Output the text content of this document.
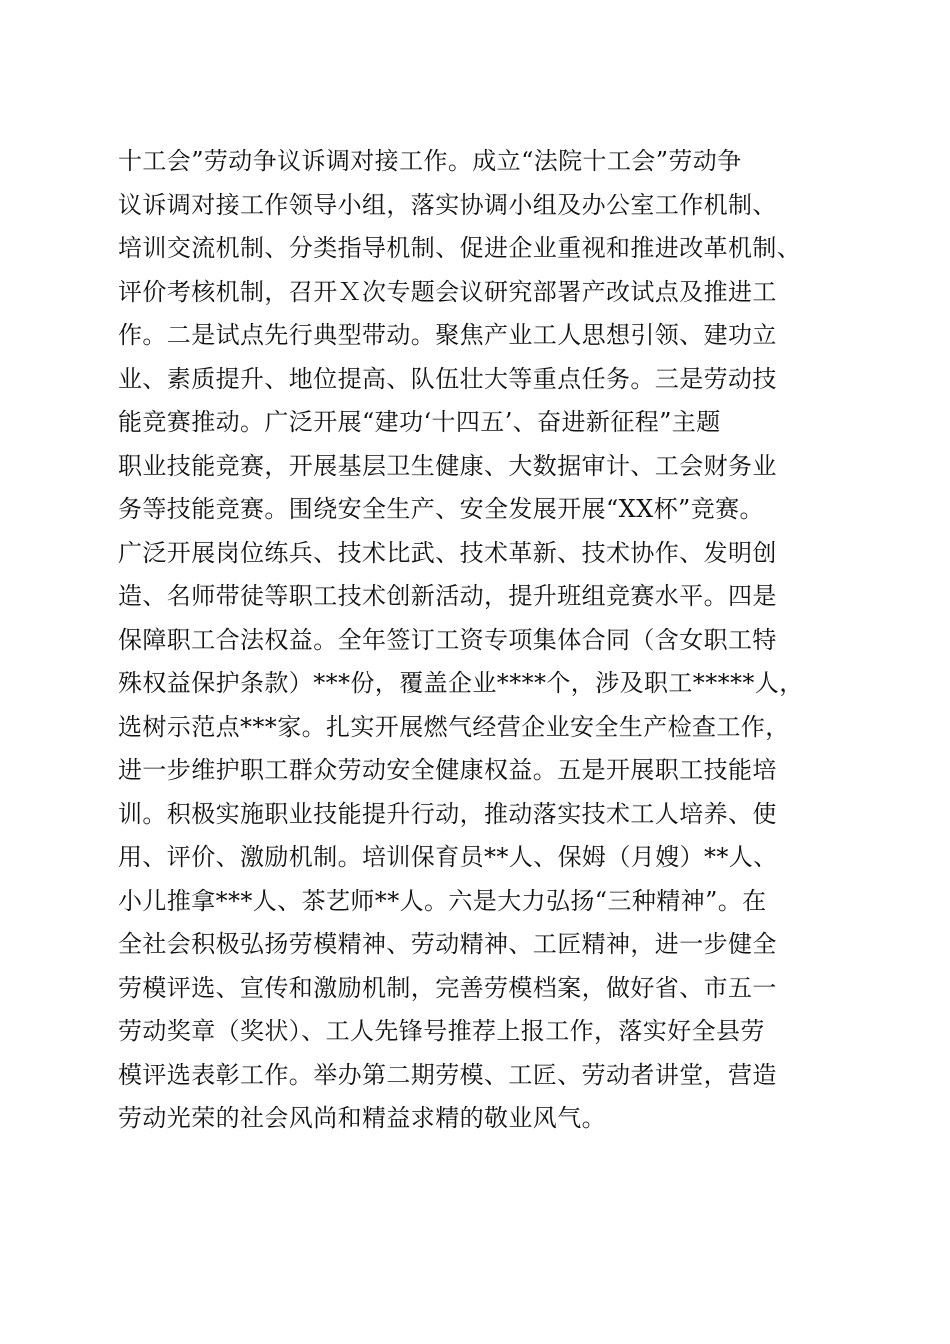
十工会”劳动争议诉调对接工作。成立“法院十工会”劳动争
议诉调对接工作领导小组，落实协调小组及办公室工作机制、
培训交流机制、分类指导机制、促进企业重视和推进改革机制、
评价考核机制，召开Ｘ次专题会议研究部署产改试点及推进工
作。二是试点先行典型带动。聚焦产业工人思想引领、建功立
业、素质提升、地位提高、队伍壮大等重点任务。三是劳动技
能竞赛推动。广泛开展“建功‘十四五’、奋进新征程”主题
职业技能竞赛，开展基层卫生健康、大数据审计、工会财务业
务等技能竞赛。围绕安全生产、安全发展开展“XX杯”竞赛。
广泛开展岗位练兵、技术比武、技术革新、技术协作、发明创
造、名师带徒等职工技术创新活动，提升班组竞赛水平。四是
保障职工合法权益。全年签订工资专项集体合同（含女职工特
殊权益保护条款）***份，覆盖企业****个，涉及职工*****人，
选树示范点***家。扎实开展燃气经营企业安全生产检查工作，
进一步维护职工群众劳动安全健康权益。五是开展职工技能培
训。积极实施职业技能提升行动，推动落实技术工人培养、使
用、评价、激励机制。培训保育员**人、保姆（月嫂）**人、
小儿推拿***人、茶艺师**人。六是大力弘扬“三种精神”。在
全社会积极弘扬劳模精神、劳动精神、工匠精神，进一步健全
劳模评选、宣传和激励机制，完善劳模档案，做好省、市五一
劳动奖章（奖状）、工人先锋号推荐上报工作，落实好全县劳
模评选表彰工作。举办第二期劳模、工匠、劳动者讲堂，营造
劳动光荣的社会风尚和精益求精的敬业风气。
